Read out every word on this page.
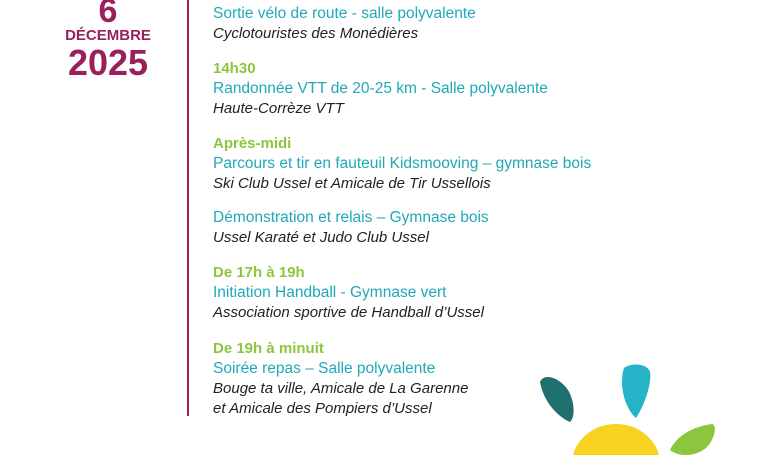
6
DÉCEMBRE
2025
Sortie vélo de route - salle polyvalente
Cyclotouristes des Monédières
14h30
Randonnée VTT de 20-25 km - Salle polyvalente
Haute-Corrèze VTT
Après-midi
Parcours et tir en fauteuil Kidsmooving – gymnase bois
Ski Club Ussel et Amicale de Tir Ussellois
Démonstration et relais – Gymnase bois
Ussel Karaté et Judo Club Ussel
De 17h à 19h
Initiation Handball - Gymnase vert
Association sportive de Handball d’Ussel
De 19h à minuit
Soirée repas – Salle polyvalente
Bouge ta ville, Amicale de La Garenne
et Amicale des Pompiers d’Ussel
